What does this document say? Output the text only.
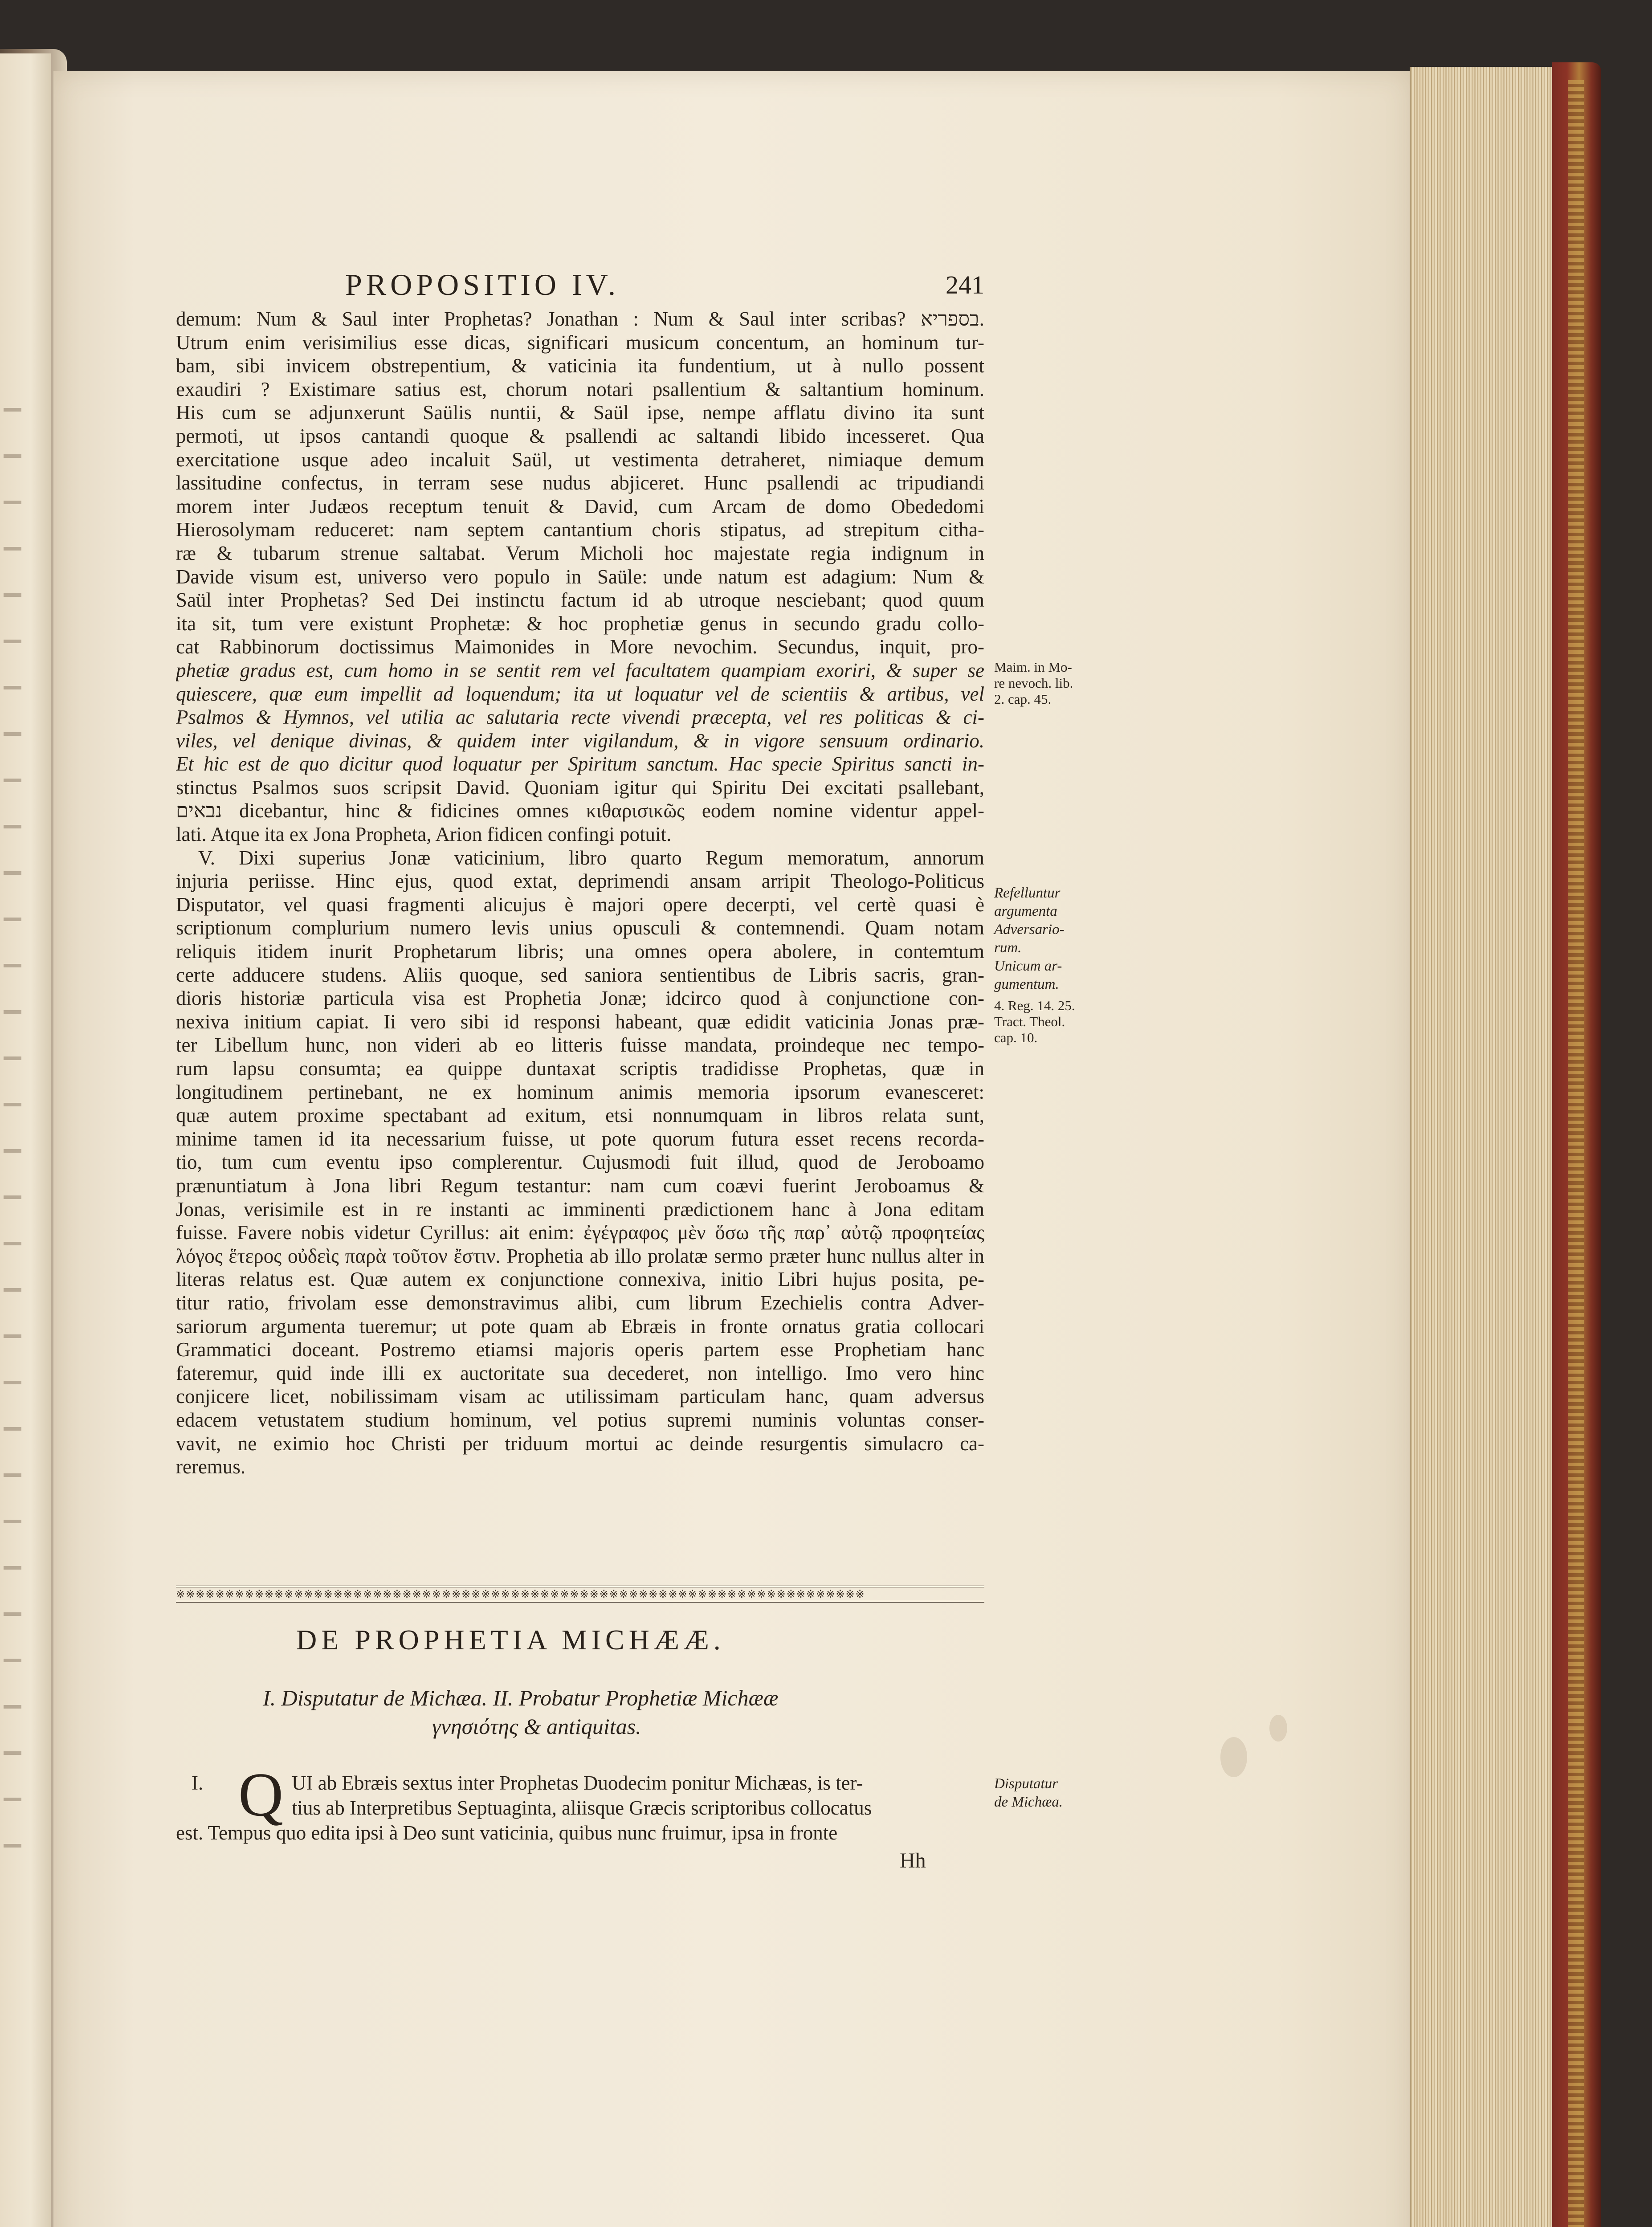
PROPOSITIO IV.	241

demum: Num & Saul inter Prophetas? Jonathan : Num & Saul inter scribas? בספריא.

Utrum enim verisimilius esse dicas, significari musicum concentum, an hominum tur-

bam, sibi invicem obstrepentium, & vaticinia ita fundentium, ut à nullo possent

exaudiri ? Existimare satius est, chorum notari psallentium & saltantium hominum.

His cum se adjunxerunt Saülis nuntii, & Saül ipse, nempe afflatu divino ita sunt

permoti, ut ipsos cantandi quoque & psallendi ac saltandi libido incesseret. Qua

exercitatione usque adeo incaluit Saül, ut vestimenta detraheret, nimiaque demum

lassitudine confectus, in terram sese nudus abjiceret. Hunc psallendi ac tripudiandi

morem inter Judæos receptum tenuit & David, cum Arcam de domo Obededomi

Hierosolymam reduceret: nam septem cantantium choris stipatus, ad strepitum citha-

ræ & tubarum strenue saltabat. Verum Micholi hoc majestate regia indignum in

Davide visum est, universo vero populo in Saüle: unde natum est adagium: Num &

Saül inter Prophetas? Sed Dei instinctu factum id ab utroque nesciebant; quod quum

ita sit, tum vere existunt Prophetæ: & hoc prophetiæ genus in secundo gradu collo-

cat Rabbinorum doctissimus Maimonides in More nevochim. Secundus, inquit, pro-

phetiæ gradus est, cum homo in se sentit rem vel facultatem quampiam exoriri, & super se

quiescere, quæ eum impellit ad loquendum; ita ut loquatur vel de scientiis & artibus, vel

Psalmos & Hymnos, vel utilia ac salutaria recte vivendi præcepta, vel res politicas & ci-

viles, vel denique divinas, & quidem inter vigilandum, & in vigore sensuum ordinario.

Et hic est de quo dicitur quod loquatur per Spiritum sanctum. Hac specie Spiritus sancti in-

stinctus Psalmos suos scripsit David. Quoniam igitur qui Spiritu Dei excitati psallebant,

נבאים dicebantur, hinc & fidicines omnes κιθαρισικῶς eodem nomine videntur appel-

lati. Atque ita ex Jona Propheta, Arion fidicen confingi potuit.

V. Dixi superius Jonæ vaticinium, libro quarto Regum memoratum, annorum

injuria periisse. Hinc ejus, quod extat, deprimendi ansam arripit Theologo-Politicus

Disputator, vel quasi fragmenti alicujus è majori opere decerpti, vel certè quasi è

scriptionum complurium numero levis unius opusculi & contemnendi. Quam notam

reliquis itidem inurit Prophetarum libris; una omnes opera abolere, in contemtum

certe adducere studens. Aliis quoque, sed saniora sentientibus de Libris sacris, gran-

dioris historiæ particula visa est Prophetia Jonæ; idcirco quod à conjunctione con-

nexiva initium capiat. Ii vero sibi id responsi habeant, quæ edidit vaticinia Jonas præ-

ter Libellum hunc, non videri ab eo litteris fuisse mandata, proindeque nec tempo-

rum lapsu consumta; ea quippe duntaxat scriptis tradidisse Prophetas, quæ in

longitudinem pertinebant, ne ex hominum animis memoria ipsorum evanesceret:

quæ autem proxime spectabant ad exitum, etsi nonnumquam in libros relata sunt,

minime tamen id ita necessarium fuisse, ut pote quorum futura esset recens recorda-

tio, tum cum eventu ipso complerentur. Cujusmodi fuit illud, quod de Jeroboamo

prænuntiatum à Jona libri Regum testantur: nam cum coævi fuerint Jeroboamus &

Jonas, verisimile est in re instanti ac imminenti prædictionem hanc à Jona editam

fuisse. Favere nobis videtur Cyrillus: ait enim: ἐγέγραφος μὲν ὅσω τῆς παρ᾽ αὐτῷ προφητείας

λόγος ἕτερος οὐδεὶς παρὰ τοῦτον ἔστιν. Prophetia ab illo prolatæ sermo præter hunc nullus alter in

literas relatus est. Quæ autem ex conjunctione connexiva, initio Libri hujus posita, pe-

titur ratio, frivolam esse demonstravimus alibi, cum librum Ezechielis contra Adver-

sariorum argumenta tueremur; ut pote quam ab Ebræis in fronte ornatus gratia collocari

Grammatici doceant. Postremo etiamsi majoris operis partem esse Prophetiam hanc

fateremur, quid inde illi ex auctoritate sua decederet, non intelligo. Imo vero hinc

conjicere licet, nobilissimam visam ac utilissimam particulam hanc, quam adversus

edacem vetustatem studium hominum, vel potius supremi numinis voluntas conser-

vavit, ne eximio hoc Christi per triduum mortui ac deinde resurgentis simulacro ca-

reremus.

Maim. in Mo-

re nevoch. lib.

2. cap. 45.

Refelluntur

argumenta

Adversario-

rum.

Unicum ar-

gumentum.

4. Reg. 14. 25.

Tract. Theol.

cap. 10.

※※※※※※※※※※※※※※※※※※※※※※※※※※※※※※※※※※※※※※※※※※※※※※※※※※※※※※※※※※※※※※※※※※※※※※
DE PROPHETIA MICHÆÆ.

I. Disputatur de Michæa. II. Probatur Prophetiæ Michææ

γνησιότης & antiquitas.

Q

I.	UI ab Ebræis sextus inter Prophetas Duodecim ponitur Michæas, is ter-

tius ab Interpretibus Septuaginta, aliisque Græcis scriptoribus collocatus

est. Tempus quo edita ipsi à Deo sunt vaticinia, quibus nunc fruimur, ipsa in fronte

Disputatur

de Michæa.

Hh
